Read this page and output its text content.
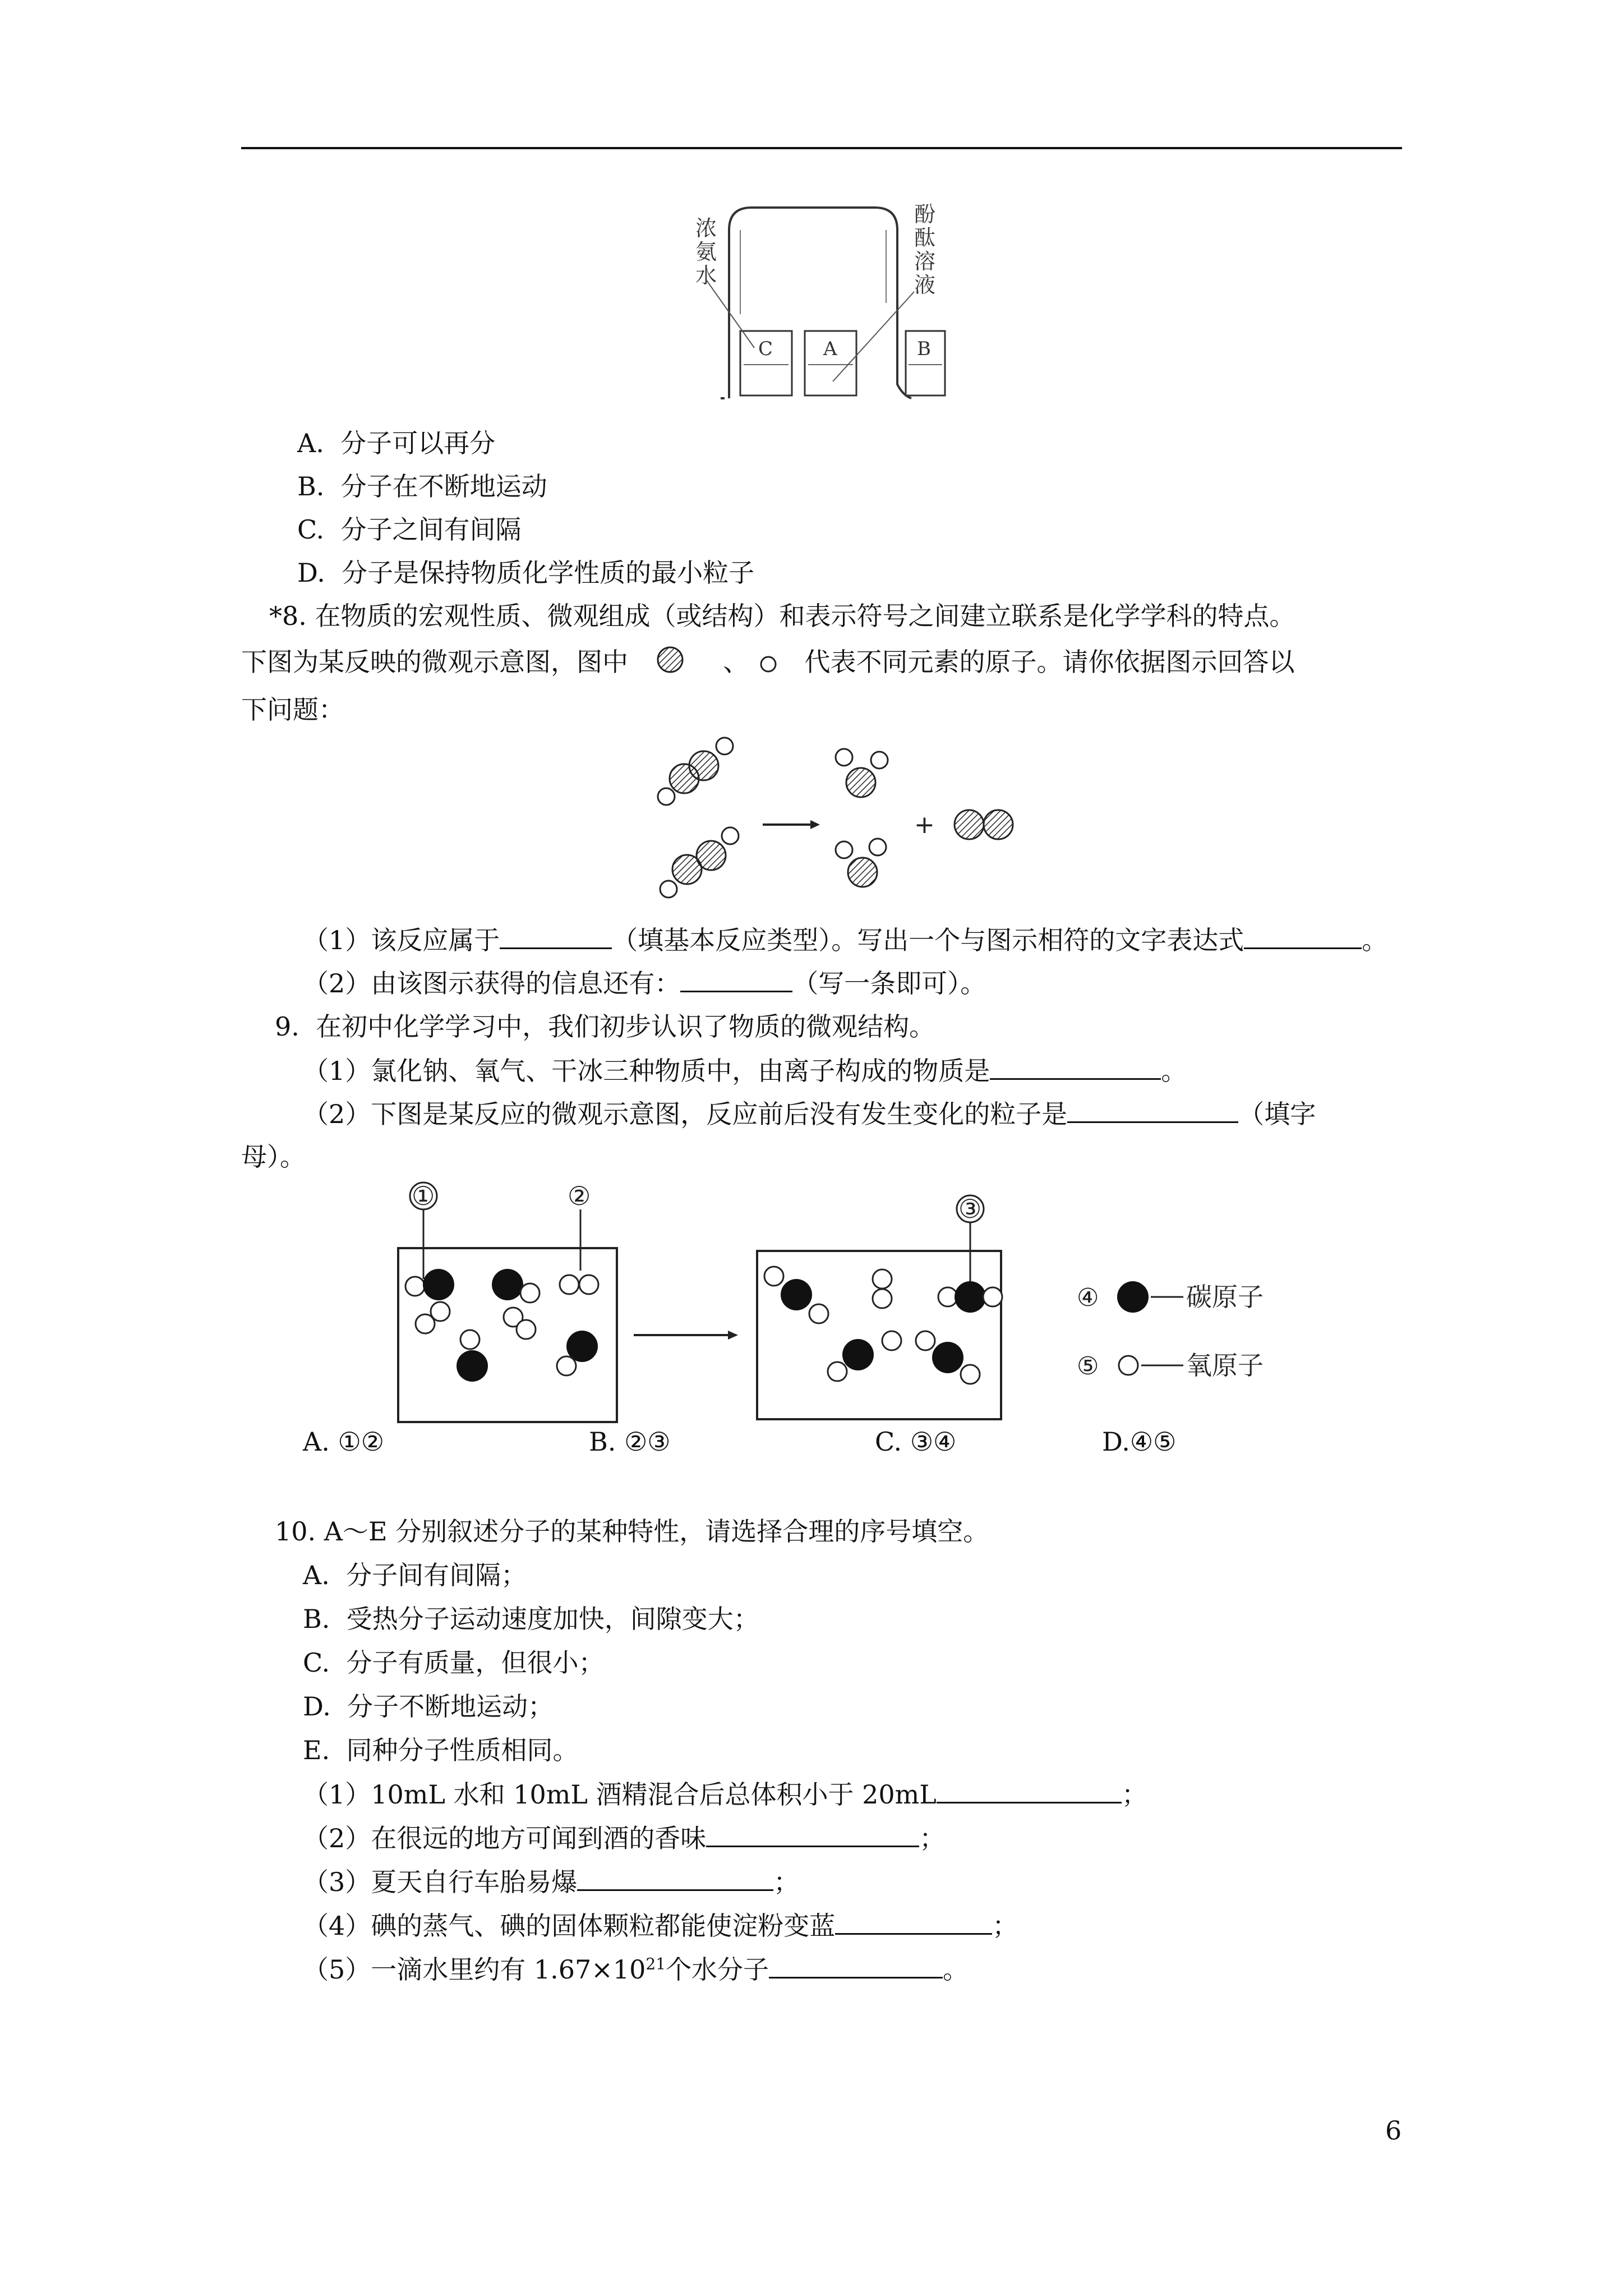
浓氨水
酚酞溶液
C	A	B
A. 分子可以再分
B. 分子在不断地运动
C. 分子之间有间隔
D. 分子是保持物质化学性质的最小粒子
*8. 在物质的宏观性质、微观组成（或结构）和表示符号之间建立联系是化学学科的特点。
下图为某反映的微观示意图，图中	、 代表不同元素的原子。请你依据图示回答以
下问题：
+
（1）该反应属于	（填基本反应类型）。写出一个与图示相符的文字表达式	。
（2）由该图示获得的信息还有：	（写一条即可）。
9. 在初中化学学习中，我们初步认识了物质的微观结构。
（1）氯化钠、氧气、干冰三种物质中，由离子构成的物质是	。
（2）下图是某反应的微观示意图，反应前后没有发生变化的粒子是	（填字
母）。
①	②	③
④	碳原子
⑤	氧原子
A. ①②	B. ②③	C. ③④	D.④⑤
10. A～E 分别叙述分子的某种特性，请选择合理的序号填空。
A. 分子间有间隔；
B. 受热分子运动速度加快，间隙变大；
C. 分子有质量，但很小；
D. 分子不断地运动；
E. 同种分子性质相同。
（1）10mL 水和 10mL 酒精混合后总体积小于 20mL	；
（2）在很远的地方可闻到酒的香味	；
（3）夏天自行车胎易爆	；
（4）碘的蒸气、碘的固体颗粒都能使淀粉变蓝	；
（5）一滴水里约有 $1.67\times 10^{21}$个水分子	。
6
